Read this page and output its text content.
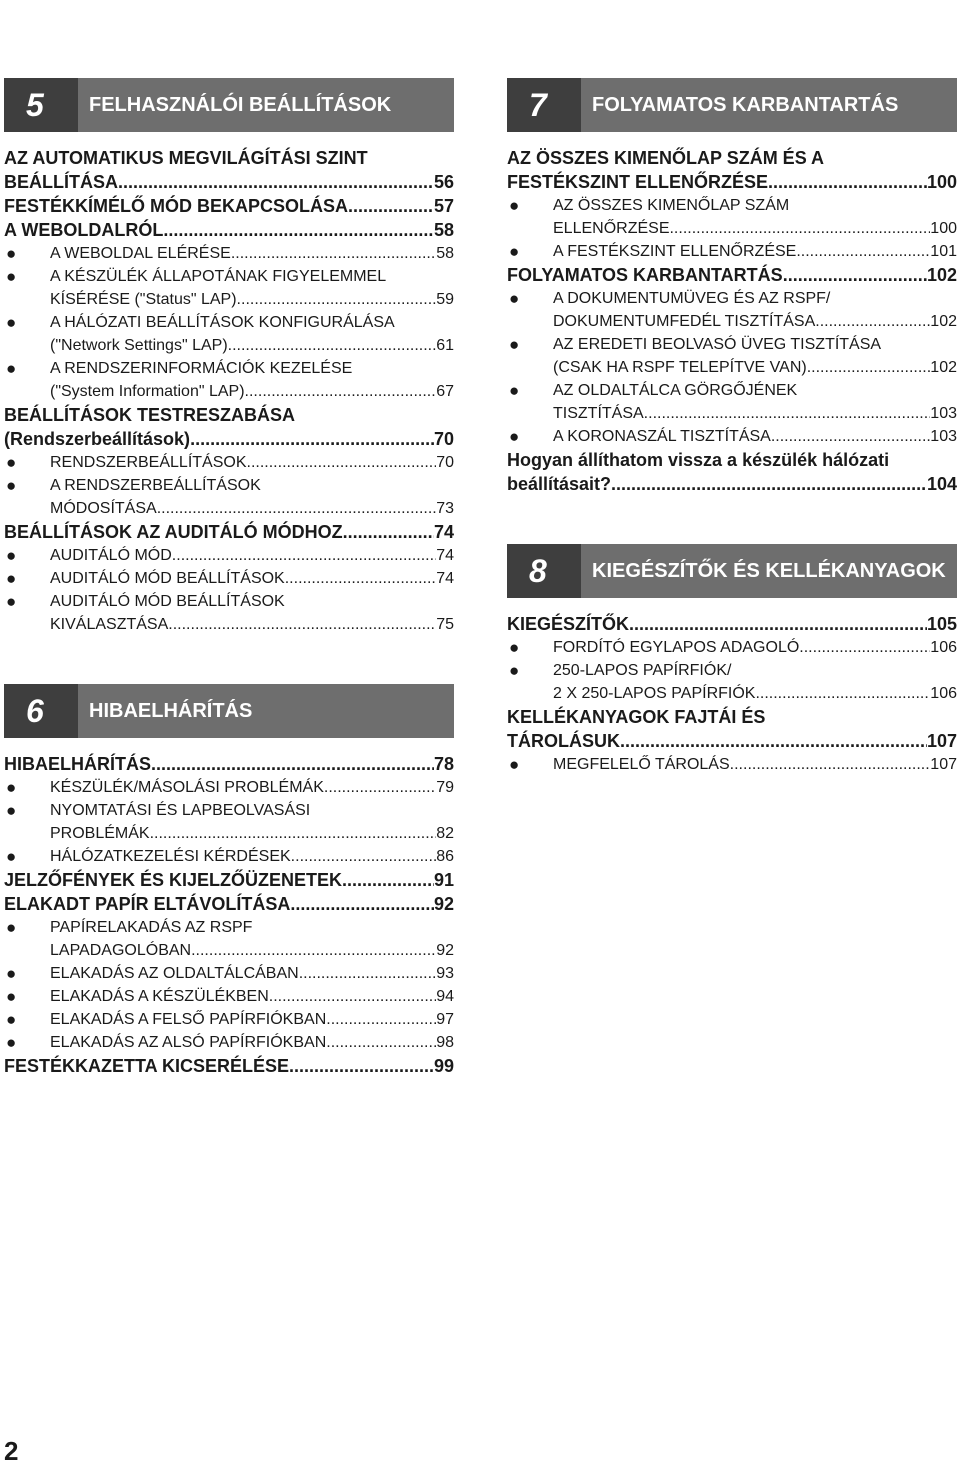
5	FELHASZNÁLÓI BEÁLLÍTÁSOK
AZ AUTOMATIKUS MEGVILÁGÍTÁSI SZINT
BEÁLLÍTÁSA .....	56
FESTÉKKÍMÉLŐ MÓD BEKAPCSOLÁSA .....	57
A WEBOLDALRÓL .....	58
● A WEBOLDAL ELÉRÉSE .....	58
● A KÉSZÜLÉK ÁLLAPOTÁNAK FIGYELEMMEL
KÍSÉRÉSE ("Status" LAP) .....	59
● A HÁLÓZATI BEÁLLÍTÁSOK KONFIGURÁLÁSA
("Network Settings" LAP) .....	61
● A RENDSZERINFORMÁCIÓK KEZELÉSE
("System Information" LAP) .....	67
BEÁLLÍTÁSOK TESTRESZABÁSA
(Rendszerbeállítások) .....	70
● RENDSZERBEÁLLÍTÁSOK .....	70
● A RENDSZERBEÁLLÍTÁSOK
MÓDOSÍTÁSA .....	73
BEÁLLÍTÁSOK AZ AUDITÁLÓ MÓDHOZ .....	74
● AUDITÁLÓ MÓD .....	74
● AUDITÁLÓ MÓD BEÁLLÍTÁSOK .....	74
● AUDITÁLÓ MÓD BEÁLLÍTÁSOK
KIVÁLASZTÁSA .....	75
6	HIBAELHÁRÍTÁS
HIBAELHÁRÍTÁS .....	78
● KÉSZÜLÉK/MÁSOLÁSI PROBLÉMÁK .....	79
● NYOMTATÁSI ÉS LAPBEOLVASÁSI
PROBLÉMÁK .....	82
● HÁLÓZATKEZELÉSI KÉRDÉSEK .....	86
JELZŐFÉNYEK ÉS KIJELZŐÜZENETEK .....	91
ELAKADT PAPÍR ELTÁVOLÍTÁSA .....	92
● PAPÍRELAKADÁS AZ RSPF
LAPADAGOLÓBAN .....	92
● ELAKADÁS AZ OLDALTÁLCÁBAN .....	93
● ELAKADÁS A KÉSZÜLÉKBEN .....	94
● ELAKADÁS A FELSŐ PAPÍRFIÓKBAN .....	97
● ELAKADÁS AZ ALSÓ PAPÍRFIÓKBAN .....	98
FESTÉKKAZETTA KICSERÉLÉSE .....	99
7	FOLYAMATOS KARBANTARTÁS
AZ ÖSSZES KIMENŐLAP SZÁM ÉS A
FESTÉKSZINT ELLENŐRZÉSE .....	100
● AZ ÖSSZES KIMENŐLAP SZÁM
ELLENŐRZÉSE .....	100
● A FESTÉKSZINT ELLENŐRZÉSE .....	101
FOLYAMATOS KARBANTARTÁS .....	102
● A DOKUMENTUMÜVEG ÉS AZ RSPF/
DOKUMENTUMFEDÉL TISZTÍTÁSA .....	102
● AZ EREDETI BEOLVASÓ ÜVEG TISZTÍTÁSA
(CSAK HA RSPF TELEPÍTVE VAN) .....	102
● AZ OLDALTÁLCA GÖRGŐJÉNEK
TISZTÍTÁSA .....	103
● A KORONASZÁL TISZTÍTÁSA .....	103
Hogyan állíthatom vissza a készülék hálózati
beállításait? .....	104
8	KIEGÉSZÍTŐK ÉS KELLÉKANYAGOK
KIEGÉSZÍTŐK .....	105
● FORDÍTÓ EGYLAPOS ADAGOLÓ .....	106
● 250-LAPOS PAPÍRFIÓK/
2 X 250-LAPOS PAPÍRFIÓK .....	106
KELLÉKANYAGOK FAJTÁI ÉS
TÁROLÁSUK .....	107
● MEGFELELŐ TÁROLÁS .....	107
2
